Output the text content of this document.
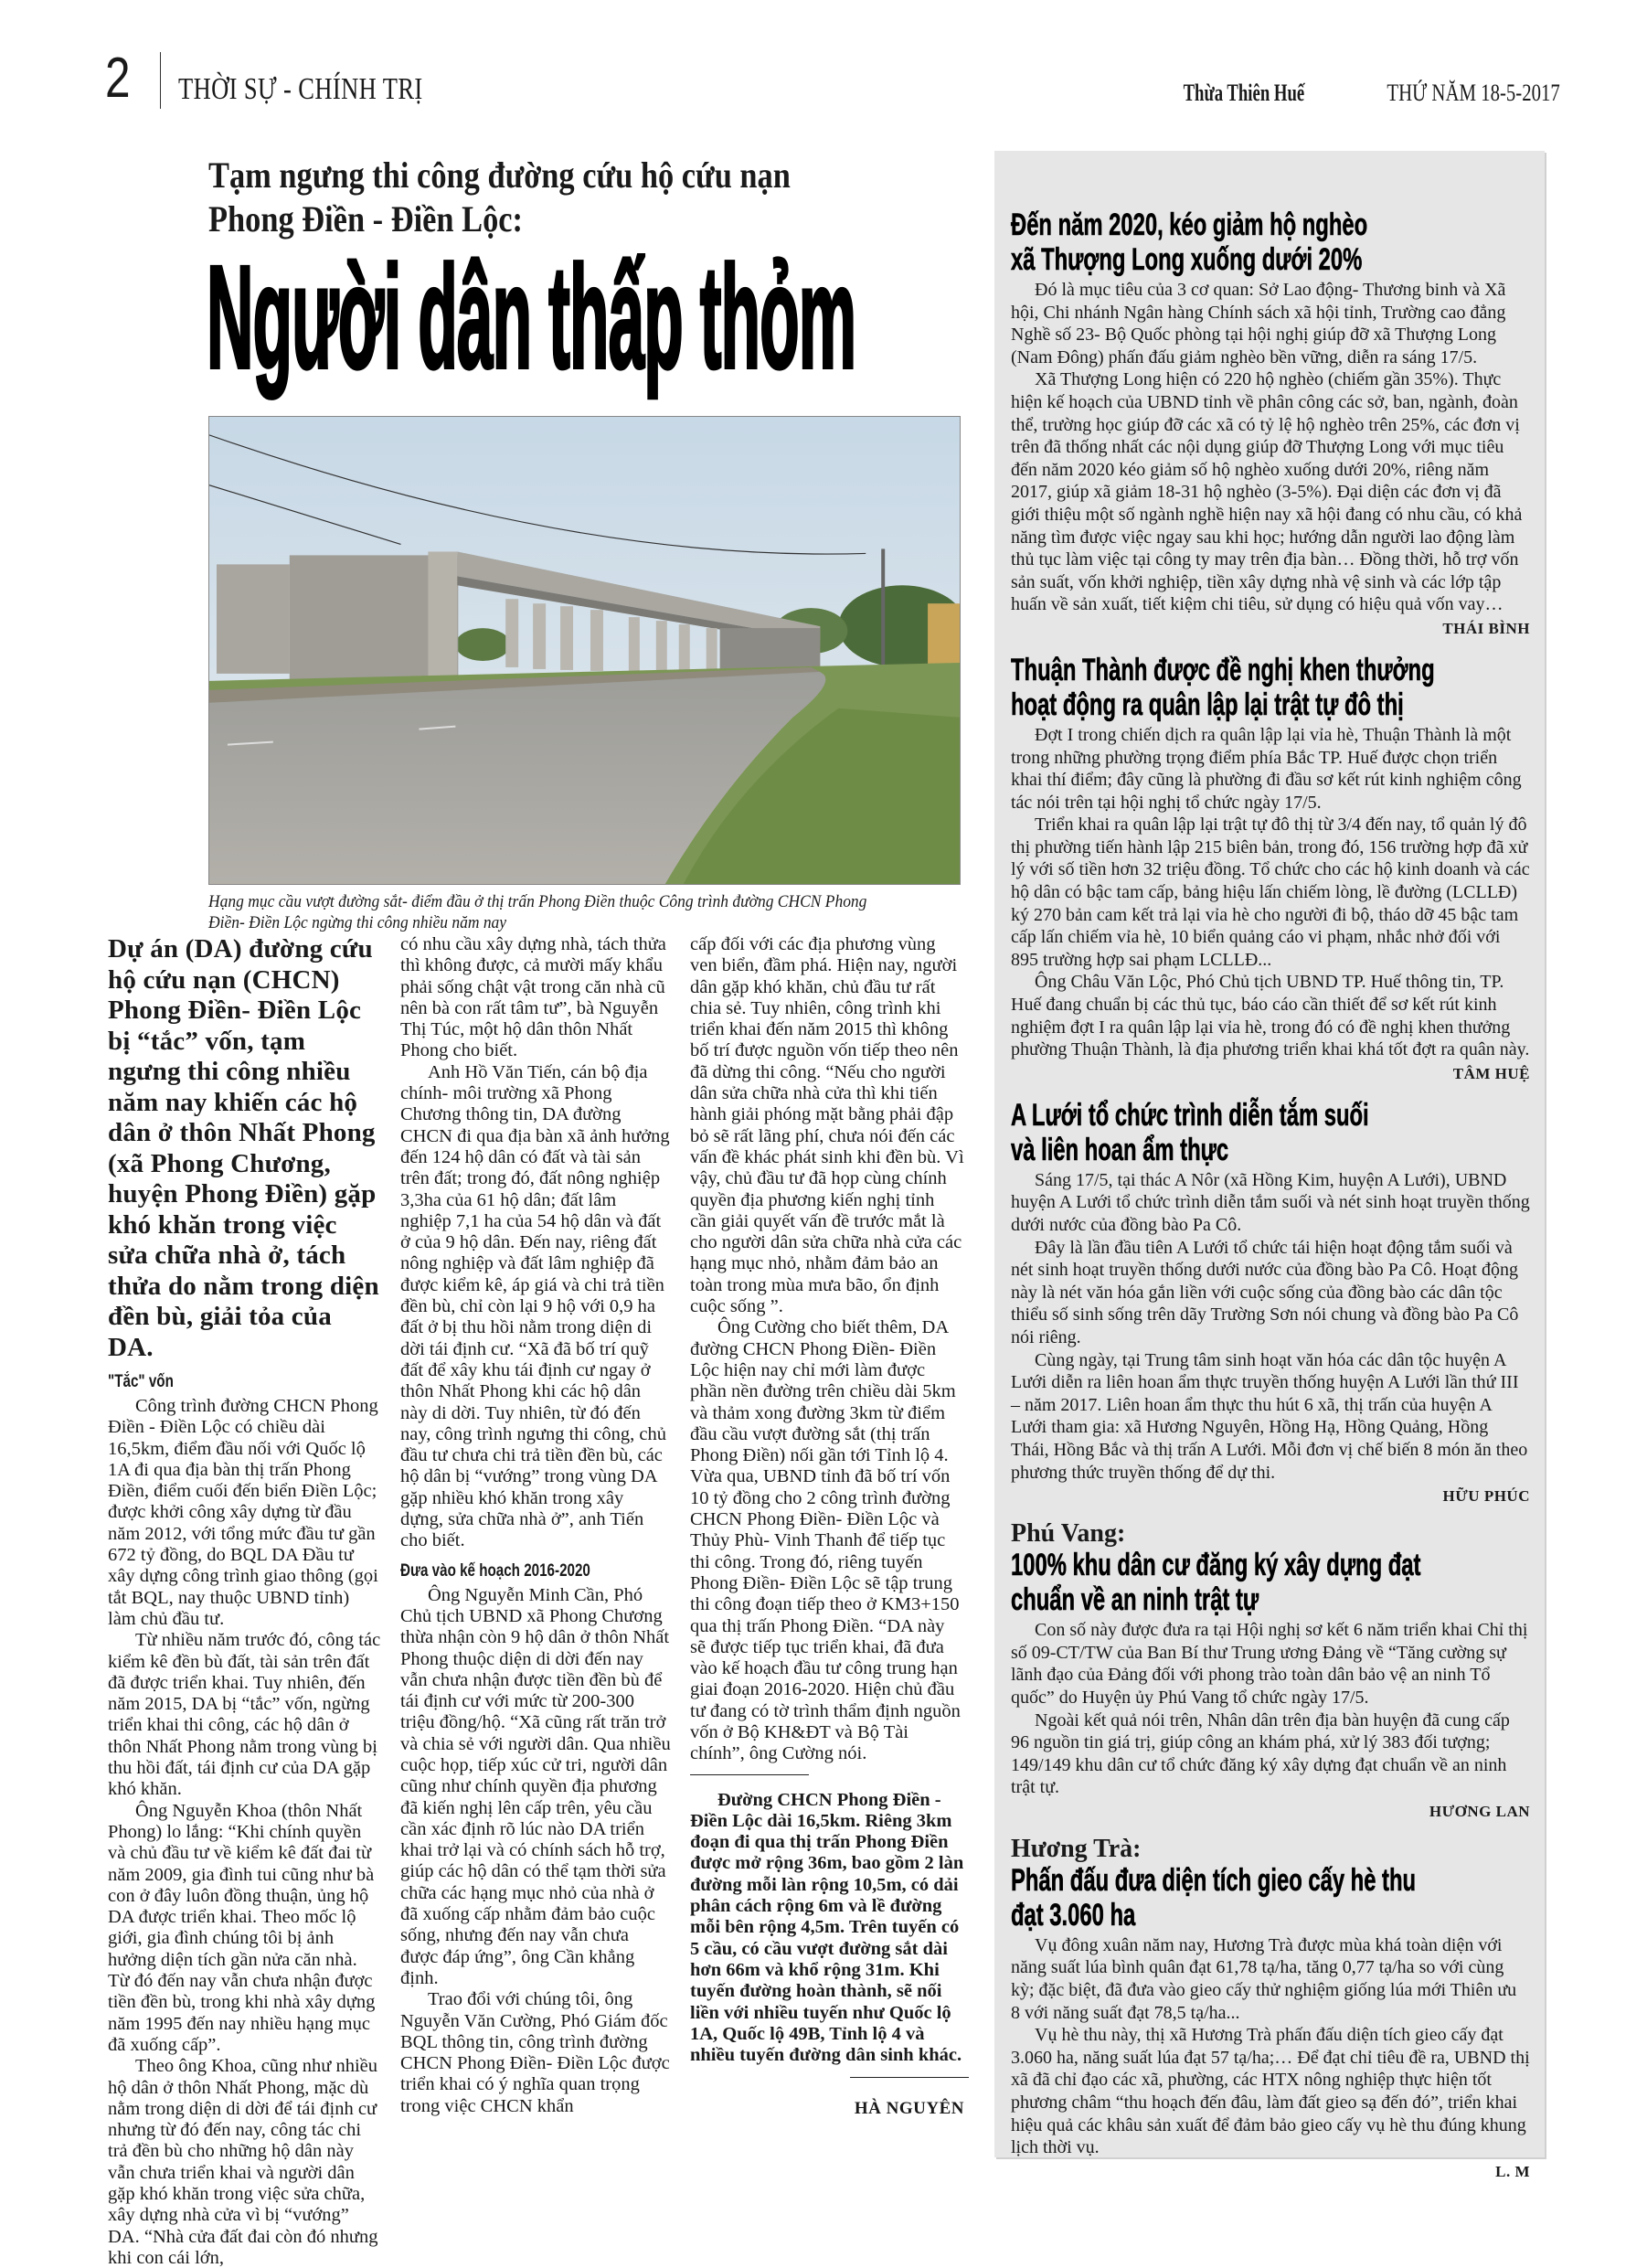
2 THỜI SỰ - CHÍNH TRỊ	Thừa Thiên Huế	THỨ NĂM 18-5-2017
Tạm ngưng thi công đường cứu hộ cứu nạn
Phong Điền - Điền Lộc:
Người dân thấp thỏm
Hạng mục cầu vượt đường sắt- điểm đầu ở thị trấn Phong Điền thuộc Công trình đường CHCN Phong Điền- Điền Lộc ngừng thi công nhiều năm nay

Dự án (DA) đường cứu hộ cứu nạn (CHCN) Phong Điền- Điền Lộc bị “tắc” vốn, tạm ngưng thi công nhiều năm nay khiến các hộ dân ở thôn Nhất Phong (xã Phong Chương, huyện Phong Điền) gặp khó khăn trong việc sửa chữa nhà ở, tách thửa do nằm trong diện đền bù, giải tỏa của DA.

"Tắc" vốn

Công trình đường CHCN Phong Điền - Điền Lộc có chiều dài 16,5km, điểm đầu nối với Quốc lộ 1A đi qua địa bàn thị trấn Phong Điền, điểm cuối đến biển Điền Lộc; được khởi công xây dựng từ đầu năm 2012, với tổng mức đầu tư gần 672 tỷ đồng, do BQL DA Đầu tư xây dựng công trình giao thông (gọi tắt BQL, nay thuộc UBND tỉnh) làm chủ đầu tư.

Từ nhiều năm trước đó, công tác kiểm kê đền bù đất, tài sản trên đất đã được triển khai. Tuy nhiên, đến năm 2015, DA bị “tắc” vốn, ngừng triển khai thi công, các hộ dân ở thôn Nhất Phong nằm trong vùng bị thu hồi đất, tái định cư của DA gặp khó khăn.

Ông Nguyễn Khoa (thôn Nhất Phong) lo lắng: “Khi chính quyền và chủ đầu tư về kiểm kê đất đai từ năm 2009, gia đình tui cũng như bà con ở đây luôn đồng thuận, ủng hộ DA được triển khai. Theo mốc lộ giới, gia đình chúng tôi bị ảnh hưởng diện tích gần nửa căn nhà. Từ đó đến nay vẫn chưa nhận được tiền đền bù, trong khi nhà xây dựng năm 1995 đến nay nhiều hạng mục đã xuống cấp”.

Theo ông Khoa, cũng như nhiều hộ dân ở thôn Nhất Phong, mặc dù nằm trong diện di dời để tái định cư nhưng từ đó đến nay, công tác chi trả đền bù cho những hộ dân này vẫn chưa triển khai và người dân gặp khó khăn trong việc sửa chữa, xây dựng nhà cửa vì bị “vướng” DA. “Nhà cửa đất đai còn đó nhưng khi con cái lớn,

có nhu cầu xây dựng nhà, tách thửa thì không được, cả mười mấy khẩu phải sống chật vật trong căn nhà cũ nên bà con rất tâm tư”, bà Nguyễn Thị Túc, một hộ dân thôn Nhất Phong cho biết.

Anh Hồ Văn Tiến, cán bộ địa chính- môi trường xã Phong Chương thông tin, DA đường CHCN đi qua địa bàn xã ảnh hưởng đến 124 hộ dân có đất và tài sản trên đất; trong đó, đất nông nghiệp 3,3ha của 61 hộ dân; đất lâm nghiệp 7,1 ha của 54 hộ dân và đất ở của 9 hộ dân. Đến nay, riêng đất nông nghiệp và đất lâm nghiệp đã được kiểm kê, áp giá và chi trả tiền đền bù, chỉ còn lại 9 hộ với 0,9 ha đất ở bị thu hồi nằm trong diện di dời tái định cư. “Xã đã bố trí quỹ đất để xây khu tái định cư ngay ở thôn Nhất Phong khi các hộ dân này di dời. Tuy nhiên, từ đó đến nay, công trình ngưng thi công, chủ đầu tư chưa chi trả tiền đền bù, các hộ dân bị “vướng” trong vùng DA gặp nhiều khó khăn trong xây dựng, sửa chữa nhà ở”, anh Tiến cho biết.

Đưa vào kế hoạch 2016-2020

Ông Nguyễn Minh Cần, Phó Chủ tịch UBND xã Phong Chương thừa nhận còn 9 hộ dân ở thôn Nhất Phong thuộc diện di dời đến nay vẫn chưa nhận được tiền đền bù để tái định cư với mức từ 200-300 triệu đồng/hộ. “Xã cũng rất trăn trở và chia sẻ với người dân. Qua nhiều cuộc họp, tiếp xúc cử tri, người dân cũng như chính quyền địa phương đã kiến nghị lên cấp trên, yêu cầu cần xác định rõ lúc nào DA triển khai trở lại và có chính sách hỗ trợ, giúp các hộ dân có thể tạm thời sửa chữa các hạng mục nhỏ của nhà ở đã xuống cấp nhằm đảm bảo cuộc sống, nhưng đến nay vẫn chưa được đáp ứng”, ông Cần khẳng định.

Trao đổi với chúng tôi, ông Nguyễn Văn Cường, Phó Giám đốc BQL thông tin, công trình đường CHCN Phong Điền- Điền Lộc được triển khai có ý nghĩa quan trọng trong việc CHCN khẩn

cấp đối với các địa phương vùng ven biển, đầm phá. Hiện nay, người dân gặp khó khăn, chủ đầu tư rất chia sẻ. Tuy nhiên, công trình khi triển khai đến năm 2015 thì không bố trí được nguồn vốn tiếp theo nên đã dừng thi công. “Nếu cho người dân sửa chữa nhà cửa thì khi tiến hành giải phóng mặt bằng phải đập bỏ sẽ rất lãng phí, chưa nói đến các vấn đề khác phát sinh khi đền bù. Vì vậy, chủ đầu tư đã họp cùng chính quyền địa phương kiến nghị tỉnh cần giải quyết vấn đề trước mắt là cho người dân sửa chữa nhà cửa các hạng mục nhỏ, nhằm đảm bảo an toàn trong mùa mưa bão, ổn định cuộc sống ”.

Ông Cường cho biết thêm, DA đường CHCN Phong Điền- Điền Lộc hiện nay chỉ mới làm được phần nền đường trên chiều dài 5km và thảm xong đường 3km từ điểm đầu cầu vượt đường sắt (thị trấn Phong Điền) nối gần tới Tỉnh lộ 4. Vừa qua, UBND tỉnh đã bố trí vốn 10 tỷ đồng cho 2 công trình đường CHCN Phong Điền- Điền Lộc và Thủy Phù- Vinh Thanh để tiếp tục thi công. Trong đó, riêng tuyến Phong Điền- Điền Lộc sẽ tập trung thi công đoạn tiếp theo ở KM3+150 qua thị trấn Phong Điền. “DA này sẽ được tiếp tục triển khai, đã đưa vào kế hoạch đầu tư công trung hạn giai đoạn 2016-2020. Hiện chủ đầu tư đang có tờ trình thẩm định nguồn vốn ở Bộ KH&ĐT và Bộ Tài chính”, ông Cường nói.

Đường CHCN Phong Điền - Điền Lộc dài 16,5km. Riêng 3km đoạn đi qua thị trấn Phong Điền được mở rộng 36m, bao gồm 2 làn đường mỗi làn rộng 10,5m, có dải phân cách rộng 6m và lề đường mỗi bên rộng 4,5m. Trên tuyến có 5 cầu, có cầu vượt đường sắt dài hơn 66m và khổ rộng 31m. Khi tuyến đường hoàn thành, sẽ nối liền với nhiều tuyến như Quốc lộ 1A, Quốc lộ 49B, Tỉnh lộ 4 và nhiều tuyến đường dân sinh khác.

HÀ NGUYÊN
Đến năm 2020, kéo giảm hộ nghèo
xã Thượng Long xuống dưới 20%

Đó là mục tiêu của 3 cơ quan: Sở Lao động- Thương binh và Xã hội, Chi nhánh Ngân hàng Chính sách xã hội tỉnh, Trường cao đẳng Nghề số 23- Bộ Quốc phòng tại hội nghị giúp đỡ xã Thượng Long (Nam Đông) phấn đấu giảm nghèo bền vững, diễn ra sáng 17/5.

Xã Thượng Long hiện có 220 hộ nghèo (chiếm gần 35%). Thực hiện kế hoạch của UBND tỉnh về phân công các sở, ban, ngành, đoàn thể, trường học giúp đỡ các xã có tỷ lệ hộ nghèo trên 25%, các đơn vị trên đã thống nhất các nội dụng giúp đỡ Thượng Long với mục tiêu đến năm 2020 kéo giảm số hộ nghèo xuống dưới 20%, riêng năm 2017, giúp xã giảm 18-31 hộ nghèo (3-5%). Đại diện các đơn vị đã giới thiệu một số ngành nghề hiện nay xã hội đang có nhu cầu, có khả năng tìm được việc ngay sau khi học; hướng dẫn người lao động làm thủ tục làm việc tại công ty may trên địa bàn… Đồng thời, hỗ trợ vốn sản suất, vốn khởi nghiệp, tiền xây dựng nhà vệ sinh và các lớp tập huấn về sản xuất, tiết kiệm chi tiêu, sử dụng có hiệu quả vốn vay…

THÁI BÌNH

Thuận Thành được đề nghị khen thưởng
hoạt động ra quân lập lại trật tự đô thị

Đợt I trong chiến dịch ra quân lập lại vỉa hè, Thuận Thành là một trong những phường trọng điểm phía Bắc TP. Huế được chọn triển khai thí điểm; đây cũng là phường đi đầu sơ kết rút kinh nghiệm công tác nói trên tại hội nghị tổ chức ngày 17/5.

Triển khai ra quân lập lại trật tự đô thị từ 3/4 đến nay, tổ quản lý đô thị phường tiến hành lập 215 biên bản, trong đó, 156 trường hợp đã xử lý với số tiền hơn 32 triệu đồng. Tổ chức cho các hộ kinh doanh và các hộ dân có bậc tam cấp, bảng hiệu lấn chiếm lòng, lề đường (LCLLĐ) ký 270 bản cam kết trả lại vỉa hè cho người đi bộ, tháo dỡ 45 bậc tam cấp lấn chiếm vỉa hè, 10 biển quảng cáo vi phạm, nhắc nhở đối với 895 trường hợp sai phạm LCLLĐ...

Ông Châu Văn Lộc, Phó Chủ tịch UBND TP. Huế thông tin, TP. Huế đang chuẩn bị các thủ tục, báo cáo cần thiết để sơ kết rút kinh nghiệm đợt I ra quân lập lại vỉa hè, trong đó có đề nghị khen thưởng phường Thuận Thành, là địa phương triển khai khá tốt đợt ra quân này.

TÂM HUỆ

A Lưới tổ chức trình diễn tắm suối
và liên hoan ẩm thực

Sáng 17/5, tại thác A Nôr (xã Hồng Kim, huyện A Lưới), UBND huyện A Lưới tổ chức trình diễn tắm suối và nét sinh hoạt truyền thống dưới nước của đồng bào Pa Cô.

Đây là lần đầu tiên A Lưới tổ chức tái hiện hoạt động tắm suối và nét sinh hoạt truyền thống dưới nước của đồng bào Pa Cô. Hoạt động này là nét văn hóa gắn liền với cuộc sống của đồng bào các dân tộc thiểu số sinh sống trên dãy Trường Sơn nói chung và đồng bào Pa Cô nói riêng.

Cùng ngày, tại Trung tâm sinh hoạt văn hóa các dân tộc huyện A Lưới diễn ra liên hoan ẩm thực truyền thống huyện A Lưới lần thứ III – năm 2017. Liên hoan ẩm thực thu hút 6 xã, thị trấn của huyện A Lưới tham gia: xã Hương Nguyên, Hồng Hạ, Hồng Quảng, Hồng Thái, Hồng Bắc và thị trấn A Lưới. Mỗi đơn vị chế biến 8 món ăn theo phương thức truyền thống để dự thi.

HỮU PHÚC

Phú Vang:
100% khu dân cư đăng ký xây dựng đạt
chuẩn về an ninh trật tự

Con số này được đưa ra tại Hội nghị sơ kết 6 năm triển khai Chỉ thị số 09-CT/TW của Ban Bí thư Trung ương Đảng về “Tăng cường sự lãnh đạo của Đảng đối với phong trào toàn dân bảo vệ an ninh Tổ quốc” do Huyện ủy Phú Vang tổ chức ngày 17/5.

Ngoài kết quả nói trên, Nhân dân trên địa bàn huyện đã cung cấp 96 nguồn tin giá trị, giúp công an khám phá, xử lý 383 đối tượng; 149/149 khu dân cư tổ chức đăng ký xây dựng đạt chuẩn về an ninh trật tự.

HƯƠNG LAN

Hương Trà:
Phấn đấu đưa diện tích gieo cấy hè thu
đạt 3.060 ha

Vụ đông xuân năm nay, Hương Trà được mùa khá toàn diện với năng suất lúa bình quân đạt 61,78 tạ/ha, tăng 0,77 tạ/ha so với cùng kỳ; đặc biệt, đã đưa vào gieo cấy thử nghiệm giống lúa mới Thiên ưu 8 với năng suất đạt 78,5 tạ/ha...

Vụ hè thu này, thị xã Hương Trà phấn đấu diện tích gieo cấy đạt 3.060 ha, năng suất lúa đạt 57 tạ/ha;… Để đạt chỉ tiêu đề ra, UBND thị xã đã chỉ đạo các xã, phường, các HTX nông nghiệp thực hiện tốt phương châm “thu hoạch đến đâu, làm đất gieo sạ đến đó”, triển khai hiệu quả các khâu sản xuất để đảm bảo gieo cấy vụ hè thu đúng khung lịch thời vụ.

L. M
